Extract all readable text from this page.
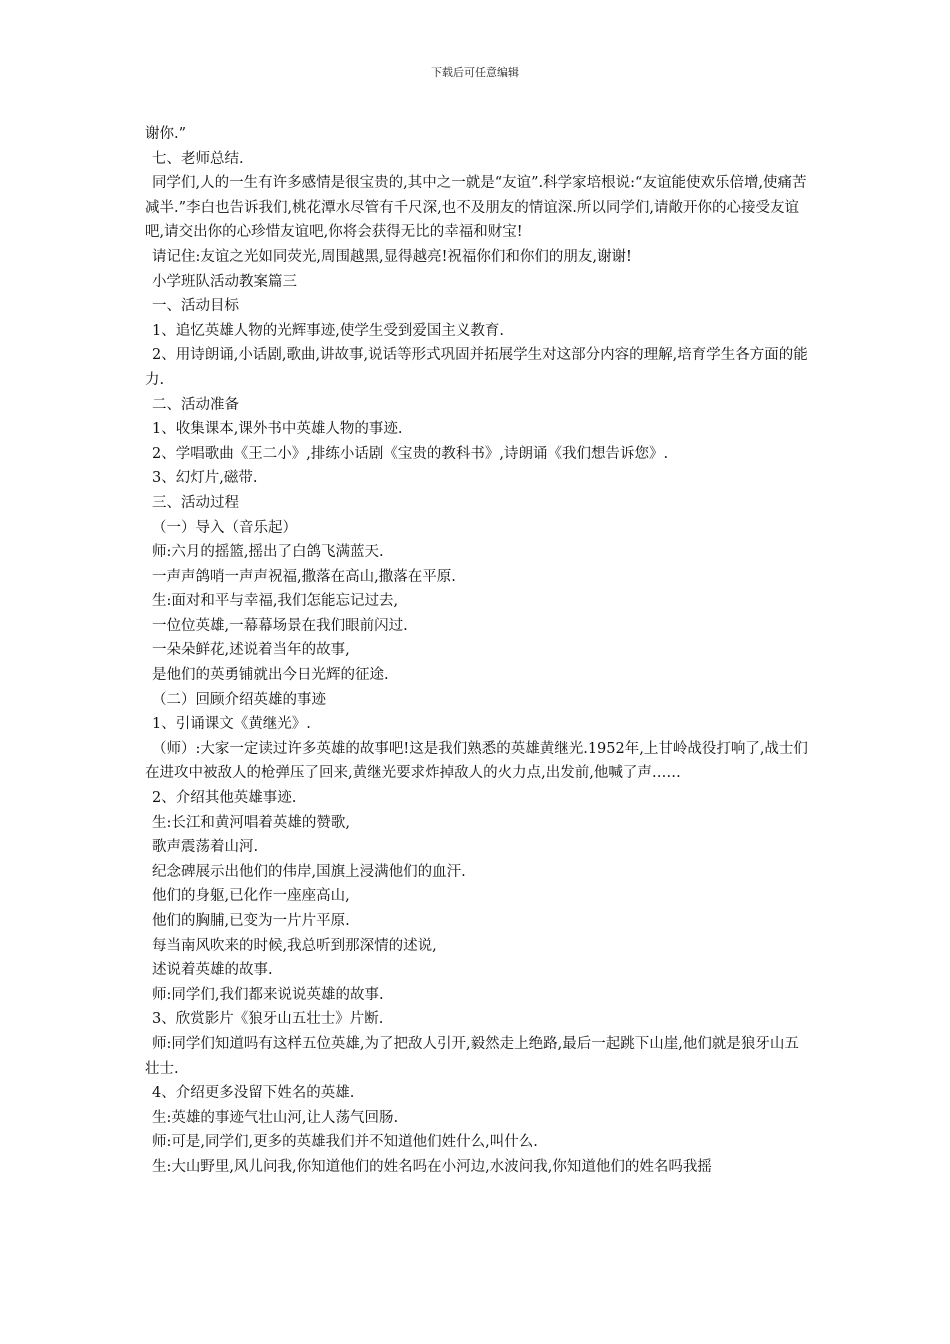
下载后可任意编辑

谢你.”

七、老师总结.

同学们,人的一生有许多感情是很宝贵的,其中之一就是“友谊”.科学家培根说:“友谊能使欢乐倍增,使痛苦减半.”李白也告诉我们,桃花潭水尽管有千尺深,也不及朋友的情谊深.所以同学们,请敞开你的心接受友谊吧,请交出你的心珍惜友谊吧,你将会获得无比的幸福和财宝!

请记住:友谊之光如同荧光,周围越黑,显得越亮!祝福你们和你们的朋友,谢谢!

小学班队活动教案篇三

一、活动目标

1、追忆英雄人物的光辉事迹,使学生受到爱国主义教育.

2、用诗朗诵,小话剧,歌曲,讲故事,说话等形式巩固并拓展学生对这部分内容的理解,培育学生各方面的能力.

二、活动准备

1、收集课本,课外书中英雄人物的事迹.

2、学唱歌曲《王二小》,排练小话剧《宝贵的教科书》,诗朗诵《我们想告诉您》.

3、幻灯片,磁带.

三、活动过程

（一）导入（音乐起）

师:六月的摇篮,摇出了白鸽飞满蓝天.

一声声鸽哨一声声祝福,撒落在高山,撒落在平原.

生:面对和平与幸福,我们怎能忘记过去,

一位位英雄,一幕幕场景在我们眼前闪过.

一朵朵鲜花,述说着当年的故事,

是他们的英勇铺就出今日光辉的征途.

（二）回顾介绍英雄的事迹

1、引诵课文《黄继光》.

（师）:大家一定读过许多英雄的故事吧!这是我们熟悉的英雄黄继光.1952年,上甘岭战役打响了,战士们在进攻中被敌人的枪弹压了回来,黄继光要求炸掉敌人的火力点,出发前,他喊了声……

2、介绍其他英雄事迹.

生:长江和黄河唱着英雄的赞歌,

歌声震荡着山河.

纪念碑展示出他们的伟岸,国旗上浸满他们的血汗.

他们的身躯,已化作一座座高山,

他们的胸脯,已变为一片片平原.

每当南风吹来的时候,我总听到那深情的述说,

述说着英雄的故事.

师:同学们,我们都来说说英雄的故事.

3、欣赏影片《狼牙山五壮士》片断.

师:同学们知道吗有这样五位英雄,为了把敌人引开,毅然走上绝路,最后一起跳下山崖,他们就是狼牙山五壮士.

4、介绍更多没留下姓名的英雄.

生:英雄的事迹气壮山河,让人荡气回肠.

师:可是,同学们,更多的英雄我们并不知道他们姓什么,叫什么.

生:大山野里,风儿问我,你知道他们的姓名吗在小河边,水波问我,你知道他们的姓名吗我摇
